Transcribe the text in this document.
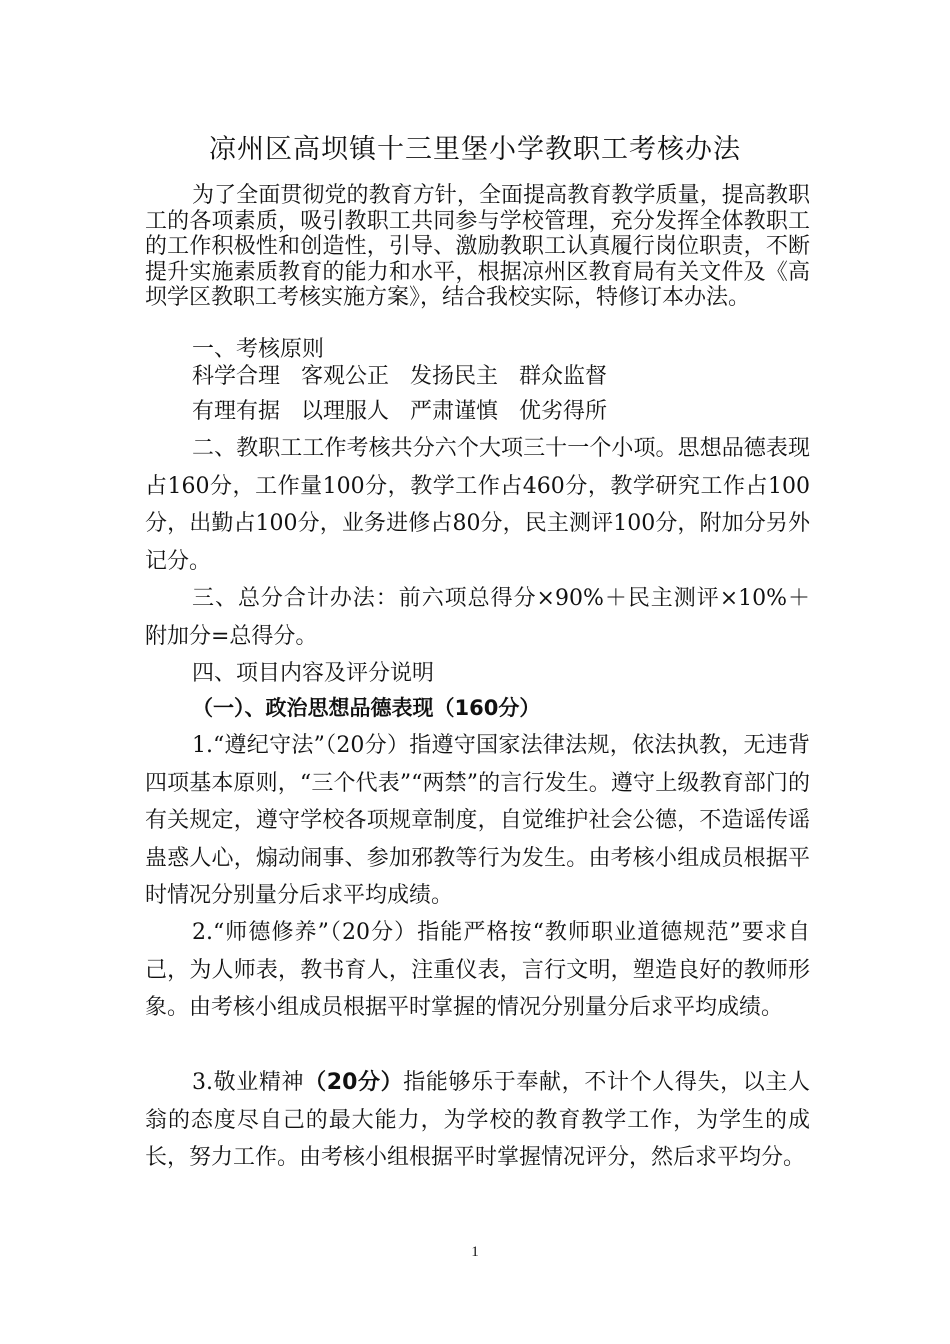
凉州区高坝镇十三里堡小学教职工考核办法

为了全面贯彻党的教育方针，全面提高教育教学质量，提高教职工的各项素质，吸引教职工共同参与学校管理，充分发挥全体教职工的工作积极性和创造性，引导、激励教职工认真履行岗位职责，不断提升实施素质教育的能力和水平，根据凉州区教育局有关文件及《高坝学区教职工考核实施方案》，结合我校实际，特修订本办法。

一、考核原则

科学合理   客观公正   发扬民主   群众监督

有理有据   以理服人   严肃谨慎   优劣得所

二、教职工工作考核共分六个大项三十一个小项。思想品德表现占160分，工作量100分，教学工作占460分，教学研究工作占100分，出勤占100分，业务进修占80分，民主测评100分，附加分另外记分。

三、总分合计办法：前六项总得分×90%＋民主测评×10%＋附加分=总得分。

四、项目内容及评分说明

（一）、政治思想品德表现（160分）

1.“遵纪守法”（20分）指遵守国家法律法规，依法执教，无违背四项基本原则，“三个代表”“两禁”的言行发生。遵守上级教育部门的有关规定，遵守学校各项规章制度，自觉维护社会公德，不造谣传谣蛊惑人心，煽动闹事、参加邪教等行为发生。由考核小组成员根据平时情况分别量分后求平均成绩。

2.“师德修养”（20分）指能严格按“教师职业道德规范”要求自己，为人师表，教书育人，注重仪表，言行文明，塑造良好的教师形象。由考核小组成员根据平时掌握的情况分别量分后求平均成绩。

3.敬业精神（20分）指能够乐于奉献，不计个人得失，以主人翁的态度尽自己的最大能力，为学校的教育教学工作，为学生的成长，努力工作。由考核小组根据平时掌握情况评分，然后求平均分。

1
